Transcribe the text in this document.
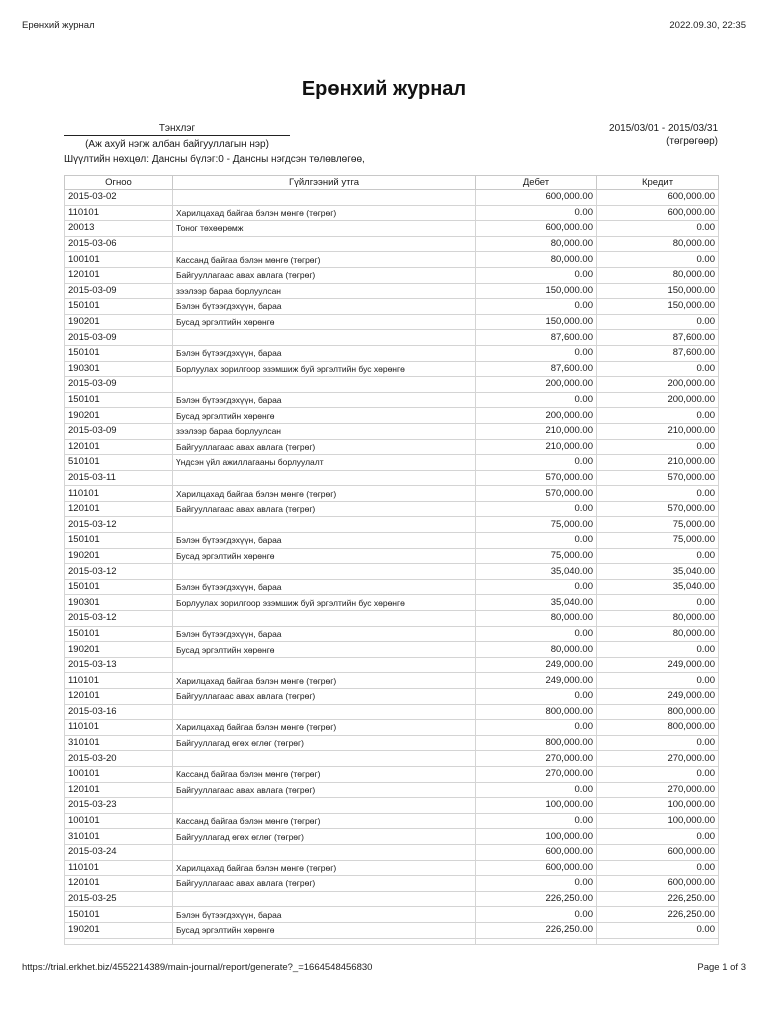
Ерөнхий журнал	2022.09.30, 22:35
Ерөнхий журнал
Тэнхлэг
(Аж ахуй нэгж албан байгууллагын нэр)
2015/03/01 - 2015/03/31
(төгрөгөөр)
Шүүлтийн нөхцөл: Дансны бүлэг:0 - Дансны нэгдсэн төлөвлөгөө,
Огноо	Гүйлгээний утга	Дебет	Кредит
2015-03-02		600,000.00	600,000.00
110101	Харилцахад байгаа бэлэн мөнгө (төгрөг)	0.00	600,000.00
20013	Тоног төхөөрөмж	600,000.00	0.00
2015-03-06		80,000.00	80,000.00
100101	Кассанд байгаа бэлэн мөнгө (төгрөг)	80,000.00	0.00
120101	Байгууллагаас авах авлага (төгрөг)	0.00	80,000.00
2015-03-09	зээлээр бараа борлуулсан	150,000.00	150,000.00
150101	Бэлэн бүтээгдэхүүн, бараа	0.00	150,000.00
190201	Бусад эргэлтийн хөрөнгө	150,000.00	0.00
2015-03-09		87,600.00	87,600.00
150101	Бэлэн бүтээгдэхүүн, бараа	0.00	87,600.00
190301	Борлуулах зорилгоор эзэмшиж буй эргэлтийн бус хөрөнгө	87,600.00	0.00
2015-03-09		200,000.00	200,000.00
150101	Бэлэн бүтээгдэхүүн, бараа	0.00	200,000.00
190201	Бусад эргэлтийн хөрөнгө	200,000.00	0.00
2015-03-09	зээлээр бараа борлуулсан	210,000.00	210,000.00
120101	Байгууллагаас авах авлага (төгрөг)	210,000.00	0.00
510101	Үндсэн үйл ажиллагааны борлуулалт	0.00	210,000.00
2015-03-11		570,000.00	570,000.00
110101	Харилцахад байгаа бэлэн мөнгө (төгрөг)	570,000.00	0.00
120101	Байгууллагаас авах авлага (төгрөг)	0.00	570,000.00
2015-03-12		75,000.00	75,000.00
150101	Бэлэн бүтээгдэхүүн, бараа	0.00	75,000.00
190201	Бусад эргэлтийн хөрөнгө	75,000.00	0.00
2015-03-12		35,040.00	35,040.00
150101	Бэлэн бүтээгдэхүүн, бараа	0.00	35,040.00
190301	Борлуулах зорилгоор эзэмшиж буй эргэлтийн бус хөрөнгө	35,040.00	0.00
2015-03-12		80,000.00	80,000.00
150101	Бэлэн бүтээгдэхүүн, бараа	0.00	80,000.00
190201	Бусад эргэлтийн хөрөнгө	80,000.00	0.00
2015-03-13		249,000.00	249,000.00
110101	Харилцахад байгаа бэлэн мөнгө (төгрөг)	249,000.00	0.00
120101	Байгууллагаас авах авлага (төгрөг)	0.00	249,000.00
2015-03-16		800,000.00	800,000.00
110101	Харилцахад байгаа бэлэн мөнгө (төгрөг)	0.00	800,000.00
310101	Байгууллагад өгөх өглөг (төгрөг)	800,000.00	0.00
2015-03-20		270,000.00	270,000.00
100101	Кассанд байгаа бэлэн мөнгө (төгрөг)	270,000.00	0.00
120101	Байгууллагаас авах авлага (төгрөг)	0.00	270,000.00
2015-03-23		100,000.00	100,000.00
100101	Кассанд байгаа бэлэн мөнгө (төгрөг)	0.00	100,000.00
310101	Байгууллагад өгөх өглөг (төгрөг)	100,000.00	0.00
2015-03-24		600,000.00	600,000.00
110101	Харилцахад байгаа бэлэн мөнгө (төгрөг)	600,000.00	0.00
120101	Байгууллагаас авах авлага (төгрөг)	0.00	600,000.00
2015-03-25		226,250.00	226,250.00
150101	Бэлэн бүтээгдэхүүн, бараа	0.00	226,250.00
190201	Бусад эргэлтийн хөрөнгө	226,250.00	0.00

https://trial.erkhet.biz/4552214389/main-journal/report/generate?_=1664548456830	Page 1 of 3
